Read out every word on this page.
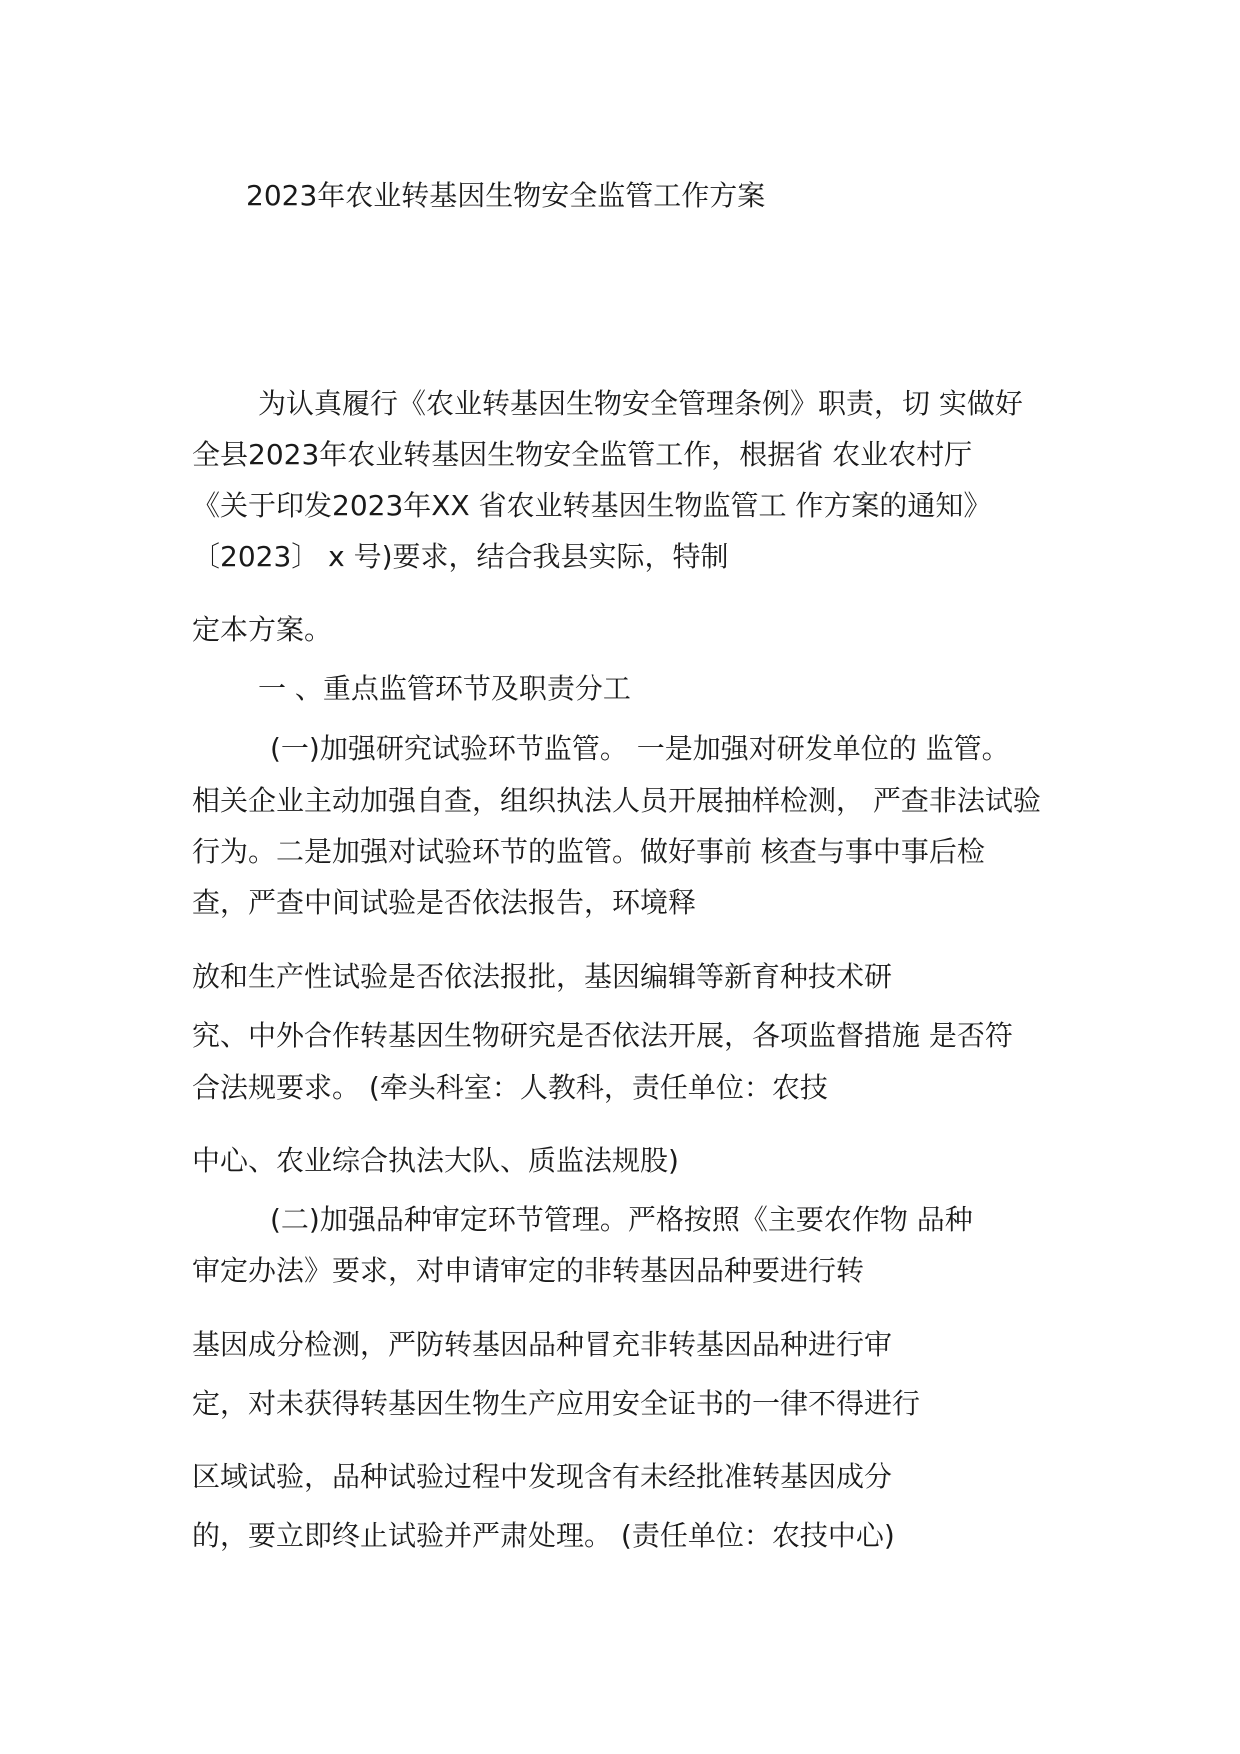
2023年农业转基因生物安全监管工作方案
为认真履行《农业转基因生物安全管理条例》职责，切 实做好
全县2023年农业转基因生物安全监管工作，根据省 农业农村厅
《关于印发2023年XX 省农业转基因生物监管工 作方案的通知》
〔2023〕 x 号)要求，结合我县实际，特制
定本方案。
一 、重点监管环节及职责分工
(一)加强研究试验环节监管。 一是加强对研发单位的 监管。
相关企业主动加强自查，组织执法人员开展抽样检测， 严查非法试验
行为。二是加强对试验环节的监管。做好事前 核查与事中事后检
查，严查中间试验是否依法报告，环境释
放和生产性试验是否依法报批，基因编辑等新育种技术研
究、中外合作转基因生物研究是否依法开展，各项监督措施 是否符
合法规要求。 (牵头科室：人教科，责任单位：农技
中心、农业综合执法大队、质监法规股)
(二)加强品种审定环节管理。严格按照《主要农作物 品种
审定办法》要求，对申请审定的非转基因品种要进行转
基因成分检测，严防转基因品种冒充非转基因品种进行审
定，对未获得转基因生物生产应用安全证书的一律不得进行
区域试验，品种试验过程中发现含有未经批准转基因成分
的，要立即终止试验并严肃处理。 (责任单位：农技中心)
